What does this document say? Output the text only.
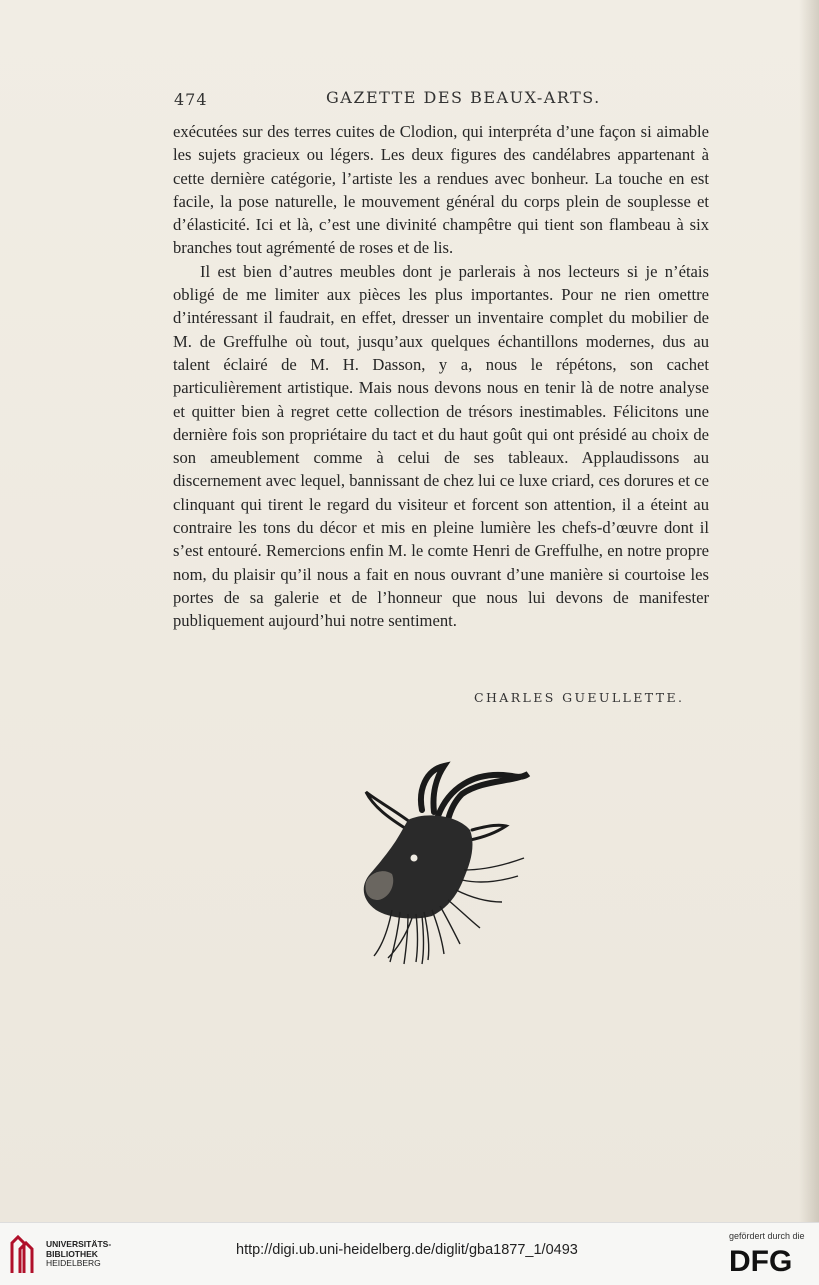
474	GAZETTE DES BEAUX-ARTS.

exécutées sur des terres cuites de Clodion, qui interpréta d’une façon si aimable les sujets gracieux ou légers. Les deux figures des candélabres appartenant à cette dernière catégorie, l’artiste les a rendues avec bonheur. La touche en est facile, la pose naturelle, le mouvement général du corps plein de souplesse et d’élasticité. Ici et là, c’est une divinité champêtre qui tient son flambeau à six branches tout agrémenté de roses et de lis.

Il est bien d’autres meubles dont je parlerais à nos lecteurs si je n’étais obligé de me limiter aux pièces les plus importantes. Pour ne rien omettre d’intéressant il faudrait, en effet, dresser un inventaire complet du mobilier de M. de Greffulhe où tout, jusqu’aux quelques échantillons modernes, dus au talent éclairé de M. H. Dasson, y a, nous le répétons, son cachet particulièrement artistique. Mais nous devons nous en tenir là de notre analyse et quitter bien à regret cette collection de trésors inestimables. Félicitons une dernière fois son propriétaire du tact et du haut goût qui ont présidé au choix de son ameublement comme à celui de ses tableaux. Applaudissons au discernement avec lequel, bannissant de chez lui ce luxe criard, ces dorures et ce clinquant qui tirent le regard du visiteur et forcent son attention, il a éteint au contraire les tons du décor et mis en pleine lumière les chefs-d’œuvre dont il s’est entouré. Remercions enfin M. le comte Henri de Greffulhe, en notre propre nom, du plaisir qu’il nous a fait en nous ouvrant d’une manière si courtoise les portes de sa galerie et de l’honneur que nous lui devons de manifester publiquement aujourd’hui notre sentiment.

CHARLES GUEULLETTE.
UNIVERSITÄTS-
BIBLIOTHEK
HEIDELBERG
http://digi.ub.uni-heidelberg.de/diglit/gba1877_1/0493
gefördert durch die
DFG
